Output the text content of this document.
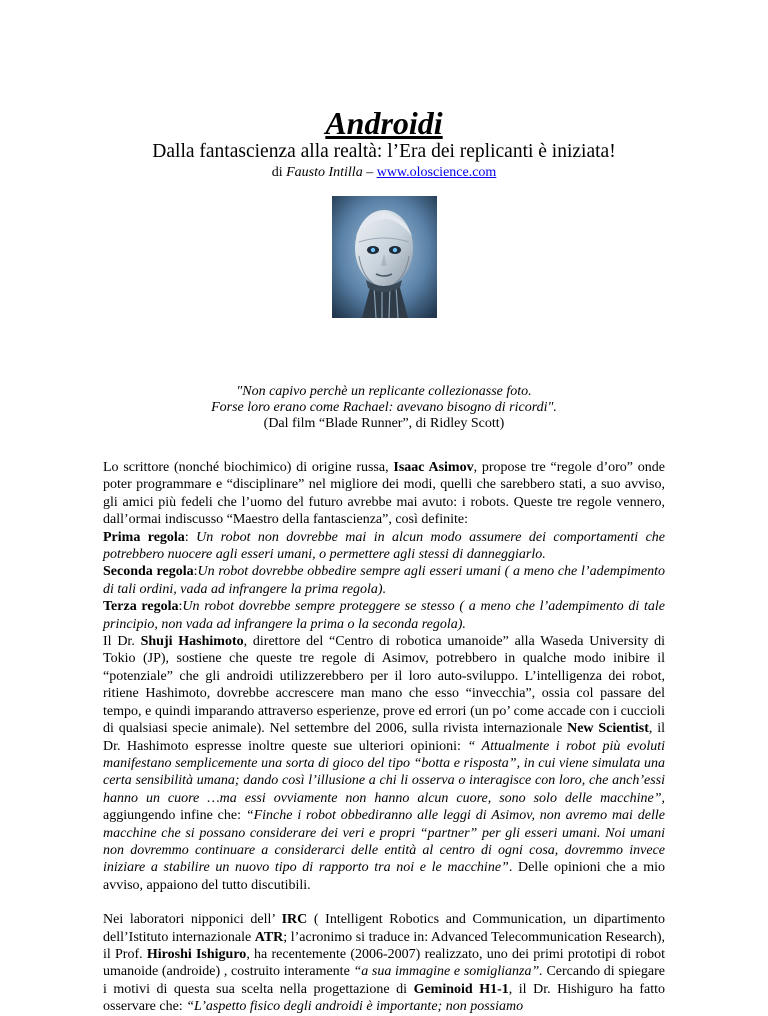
Androidi

Dalla fantascienza alla realtà: l’Era dei replicanti è iniziata!

di Fausto Intilla – www.oloscience.com

"Non capivo perchè un replicante collezionasse foto.
Forse loro erano come Rachael: avevano bisogno di ricordi".
(Dal film “Blade Runner”, di Ridley Scott)

Lo scrittore (nonché biochimico) di origine russa, Isaac Asimov, propose tre “regole d’oro” onde poter programmare e “disciplinare” nel migliore dei modi, quelli che sarebbero stati, a suo avviso, gli amici più fedeli che l’uomo del futuro avrebbe mai avuto: i robots. Queste tre regole vennero, dall’ormai indiscusso “Maestro della fantascienza”, così definite:

Prima regola: Un robot non dovrebbe mai in alcun modo assumere dei comportamenti che potrebbero nuocere agli esseri umani, o permettere agli stessi di danneggiarlo.

Seconda regola:Un robot dovrebbe obbedire sempre agli esseri umani ( a meno che l’adempimento di tali ordini, vada ad infrangere la prima regola).

Terza regola:Un robot dovrebbe sempre proteggere se stesso ( a meno che l’adempimento di tale principio, non vada ad infrangere la prima o la seconda regola).

Il Dr. Shuji Hashimoto, direttore del “Centro di robotica umanoide” alla Waseda University di Tokio (JP), sostiene che queste tre regole di Asimov, potrebbero in qualche modo inibire il “potenziale” che gli androidi utilizzerebbero per il loro auto-sviluppo. L’intelligenza dei robot, ritiene Hashimoto, dovrebbe accrescere man mano che esso “invecchia”, ossia col passare del tempo, e quindi imparando attraverso esperienze, prove ed errori (un po’ come accade con i cuccioli di qualsiasi specie animale). Nel settembre del 2006, sulla rivista internazionale New Scientist, il Dr. Hashimoto espresse inoltre queste sue ulteriori opinioni: “ Attualmente i robot più evoluti manifestano semplicemente una sorta di gioco del tipo “botta e risposta”, in cui viene simulata una certa sensibilità umana; dando così l’illusione a chi li osserva o interagisce con loro, che anch’essi hanno un cuore …ma essi ovviamente non hanno alcun cuore, sono solo delle macchine”, aggiungendo infine che: “Finche i robot obbediranno alle leggi di Asimov, non avremo mai delle macchine che si possano considerare dei veri e propri “partner” per gli esseri umani. Noi umani non dovremmo continuare a considerarci delle entità al centro di ogni cosa, dovremmo invece iniziare a stabilire un nuovo tipo di rapporto tra noi e le macchine”. Delle opinioni che a mio avviso, appaiono del tutto discutibili.

Nei laboratori nipponici dell’ IRC ( Intelligent Robotics and Communication, un dipartimento dell’Istituto internazionale ATR; l’acronimo si traduce in: Advanced Telecommunication Research), il Prof. Hiroshi Ishiguro, ha recentemente (2006-2007) realizzato, uno dei primi prototipi di robot umanoide (androide) , costruito interamente “a sua immagine e somiglianza”. Cercando di spiegare i motivi di questa sua scelta nella progettazione di Geminoid H1-1, il Dr. Hishiguro ha fatto osservare che: “L’aspetto fisico degli androidi è importante; non possiamo
